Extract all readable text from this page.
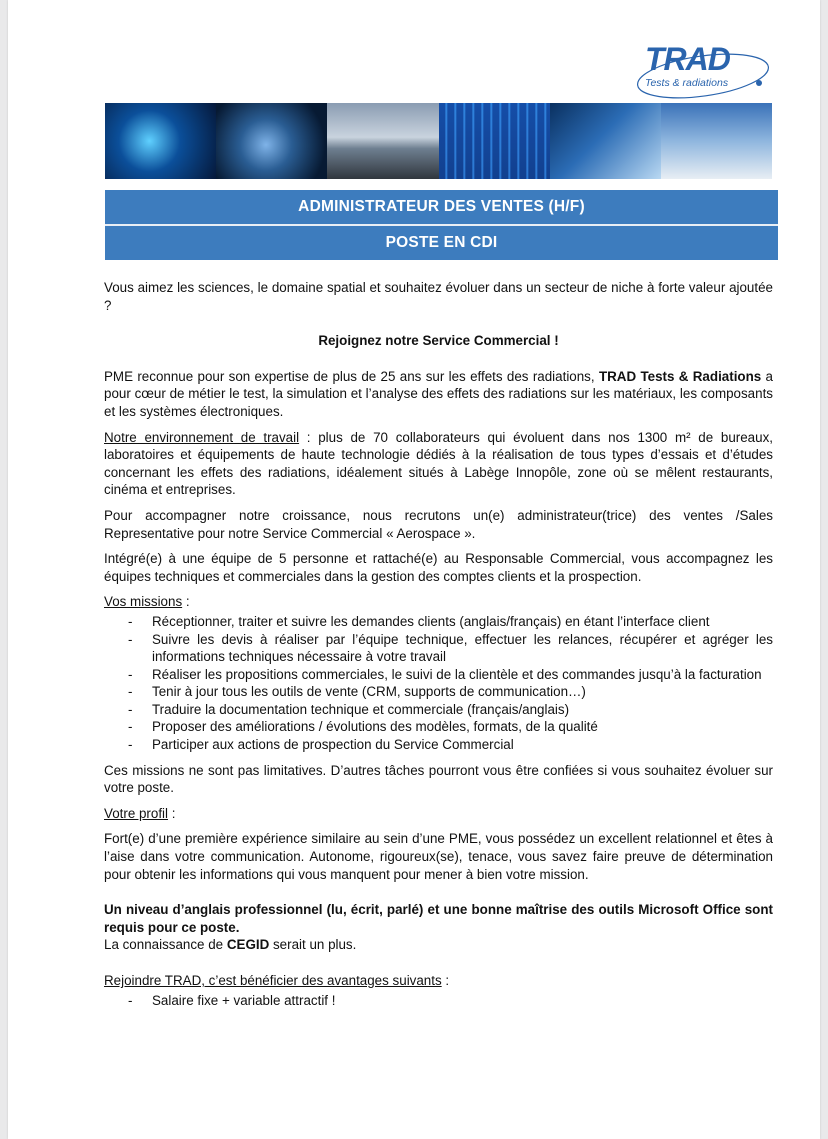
TRAD
Tests & radiations
ADMINISTRATEUR DES VENTES (H/F)
POSTE EN CDI

Vous aimez les sciences, le domaine spatial et souhaitez évoluer dans un secteur de niche à forte valeur ajoutée ?

Rejoignez notre Service Commercial !

PME reconnue pour son expertise de plus de 25 ans sur les effets des radiations, TRAD Tests & Radiations a pour cœur de métier le test, la simulation et l’analyse des effets des radiations sur les matériaux, les composants et les systèmes électroniques.

Notre environnement de travail : plus de 70 collaborateurs qui évoluent dans nos 1300 m² de bureaux, laboratoires et équipements de haute technologie dédiés à la réalisation de tous types d’essais et d’études concernant les effets des radiations, idéalement situés à Labège Innopôle, zone où se mêlent restaurants, cinéma et entreprises.

Pour accompagner notre croissance, nous recrutons un(e) administrateur(trice) des ventes /Sales Representative pour notre Service Commercial « Aerospace ».

Intégré(e) à une équipe de 5 personne et rattaché(e) au Responsable Commercial, vous accompagnez les équipes techniques et commerciales dans la gestion des comptes clients et la prospection.

Vos missions :

- Réceptionner, traiter et suivre les demandes clients (anglais/français) en étant l’interface client
- Suivre les devis à réaliser par l’équipe technique, effectuer les relances, récupérer et agréger les informations techniques nécessaire à votre travail
- Réaliser les propositions commerciales, le suivi de la clientèle et des commandes jusqu’à la facturation
- Tenir à jour tous les outils de vente (CRM, supports de communication…)
- Traduire la documentation technique et commerciale (français/anglais)
- Proposer des améliorations / évolutions des modèles, formats, de la qualité
- Participer aux actions de prospection du Service Commercial

Ces missions ne sont pas limitatives. D’autres tâches pourront vous être confiées si vous souhaitez évoluer sur votre poste.

Votre profil :

Fort(e) d’une première expérience similaire au sein d’une PME, vous possédez un excellent relationnel et êtes à l’aise dans votre communication. Autonome, rigoureux(se), tenace, vous savez faire preuve de détermination pour obtenir les informations qui vous manquent pour mener à bien votre mission.

Un niveau d’anglais professionnel (lu, écrit, parlé) et une bonne maîtrise des outils Microsoft Office sont requis pour ce poste.

La connaissance de CEGID serait un plus.

Rejoindre TRAD, c’est bénéficier des avantages suivants :

- Salaire fixe + variable attractif !
